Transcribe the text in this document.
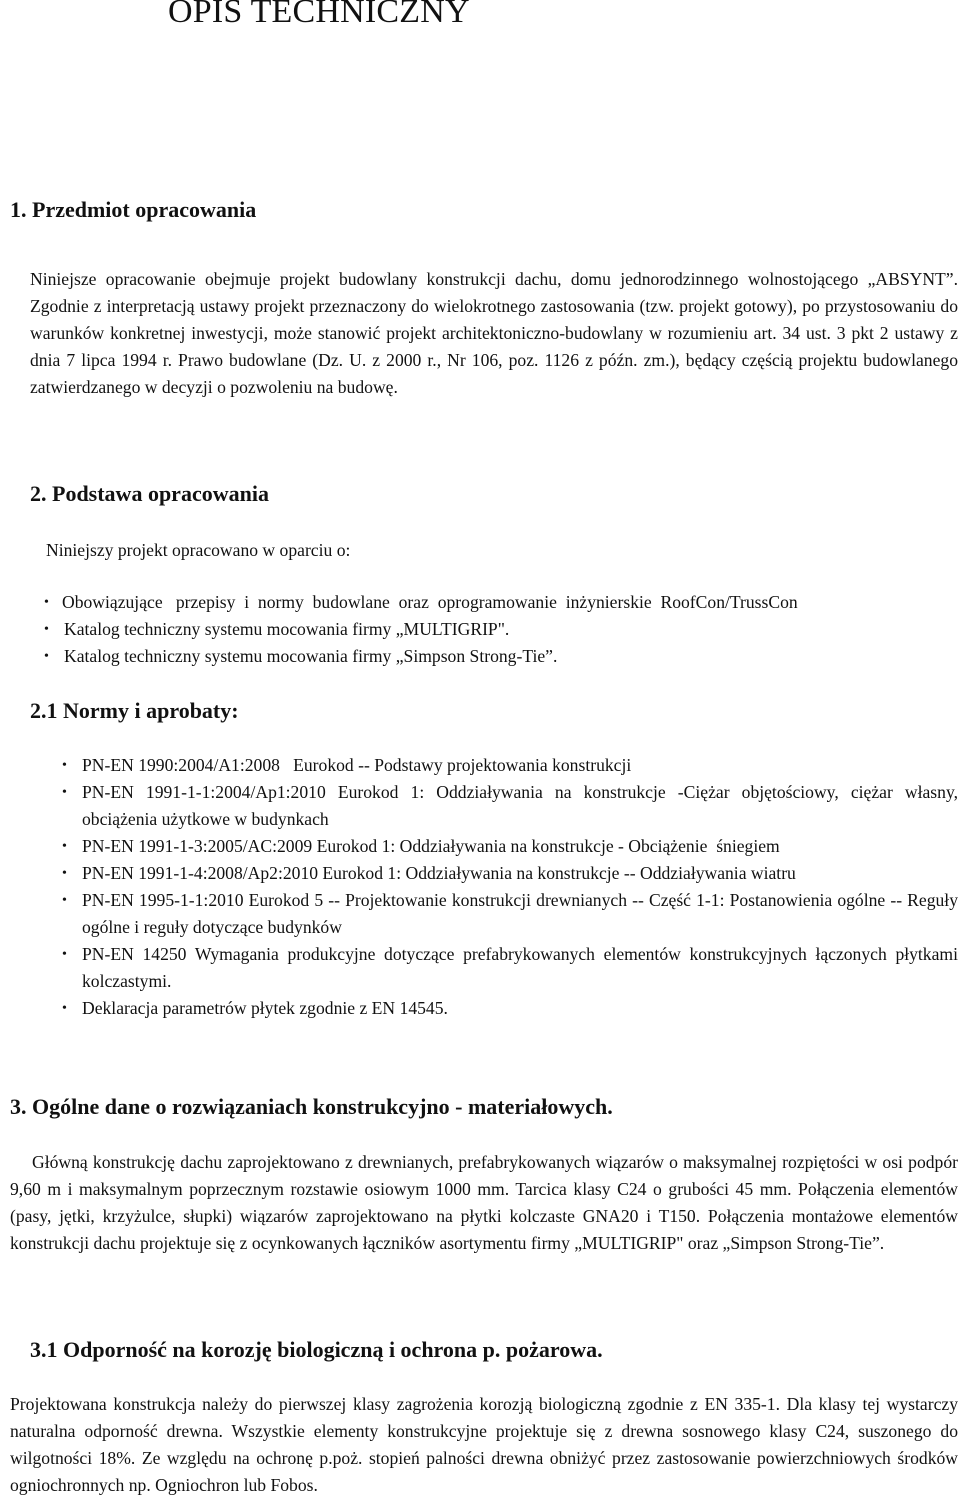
OPIS TECHNICZNY
1. Przedmiot opracowania

Niniejsze opracowanie obejmuje projekt budowlany konstrukcji dachu, domu jednorodzinnego wolnostojącego „ABSYNT”. Zgodnie z interpretacją ustawy projekt przeznaczony do wielokrotnego zastosowania (tzw. projekt gotowy), po przystosowaniu do warunków konkretnej inwestycji, może stanowić projekt architektoniczno-budowlany w rozumieniu art. 34 ust. 3 pkt 2 ustawy z dnia 7 lipca 1994 r. Prawo budowlane (Dz. U. z 2000 r., Nr 106, poz. 1126 z późn. zm.), będący częścią projektu budowlanego zatwierdzanego w decyzji o pozwoleniu na budowę.

2. Podstawa opracowania

Niniejszy projekt opracowano w oparciu o:

• Obowiązujące   przepisy  i  normy  budowlane  oraz  oprogramowanie  inżynierskie  RoofCon/TrussCon
• Katalog techniczny systemu mocowania firmy „MULTIGRIP".
• Katalog techniczny systemu mocowania firmy „Simpson Strong-Tie”.
2.1 Normy i aprobaty:
• PN-EN 1990:2004/A1:2008   Eurokod -- Podstawy projektowania konstrukcji
• PN-EN 1991-1-1:2004/Ap1:2010 Eurokod 1: Oddziaływania na konstrukcje -Ciężar objętościowy, ciężar własny, obciążenia użytkowe w budynkach
• PN-EN 1991-1-3:2005/AC:2009 Eurokod 1: Oddziaływania na konstrukcje - Obciążenie  śniegiem
• PN-EN 1991-1-4:2008/Ap2:2010 Eurokod 1: Oddziaływania na konstrukcje -- Oddziaływania wiatru
• PN-EN 1995-1-1:2010 Eurokod 5 -- Projektowanie konstrukcji drewnianych -- Część 1-1: Postanowienia ogólne -- Reguły ogólne i reguły dotyczące budynków
• PN-EN 14250 Wymagania produkcyjne dotyczące prefabrykowanych elementów konstrukcyjnych łączonych płytkami kolczastymi.
• Deklaracja parametrów płytek zgodnie z EN 14545.
3. Ogólne dane o rozwiązaniach konstrukcyjno - materiałowych.

Główną konstrukcję dachu zaprojektowano z drewnianych, prefabrykowanych wiązarów o maksymalnej rozpiętości w osi podpór 9,60 m i maksymalnym poprzecznym rozstawie osiowym 1000 mm. Tarcica klasy C24 o grubości 45 mm. Połączenia elementów (pasy, jętki, krzyżulce, słupki) wiązarów zaprojektowano na płytki kolczaste GNA20 i T150. Połączenia montażowe elementów konstrukcji dachu projektuje się z ocynkowanych łączników asortymentu firmy „MULTIGRIP" oraz „Simpson Strong-Tie”.

3.1 Odporność na korozję biologiczną i ochrona p. pożarowa.

Projektowana konstrukcja należy do pierwszej klasy zagrożenia korozją biologiczną zgodnie z EN 335-1. Dla klasy tej wystarczy naturalna odporność drewna. Wszystkie elementy konstrukcyjne projektuje się z drewna sosnowego klasy C24, suszonego do wilgotności 18%. Ze względu na ochronę p.poż. stopień palności drewna obniżyć przez zastosowanie powierzchniowych środków ogniochronnych np. Ogniochron lub Fobos.
